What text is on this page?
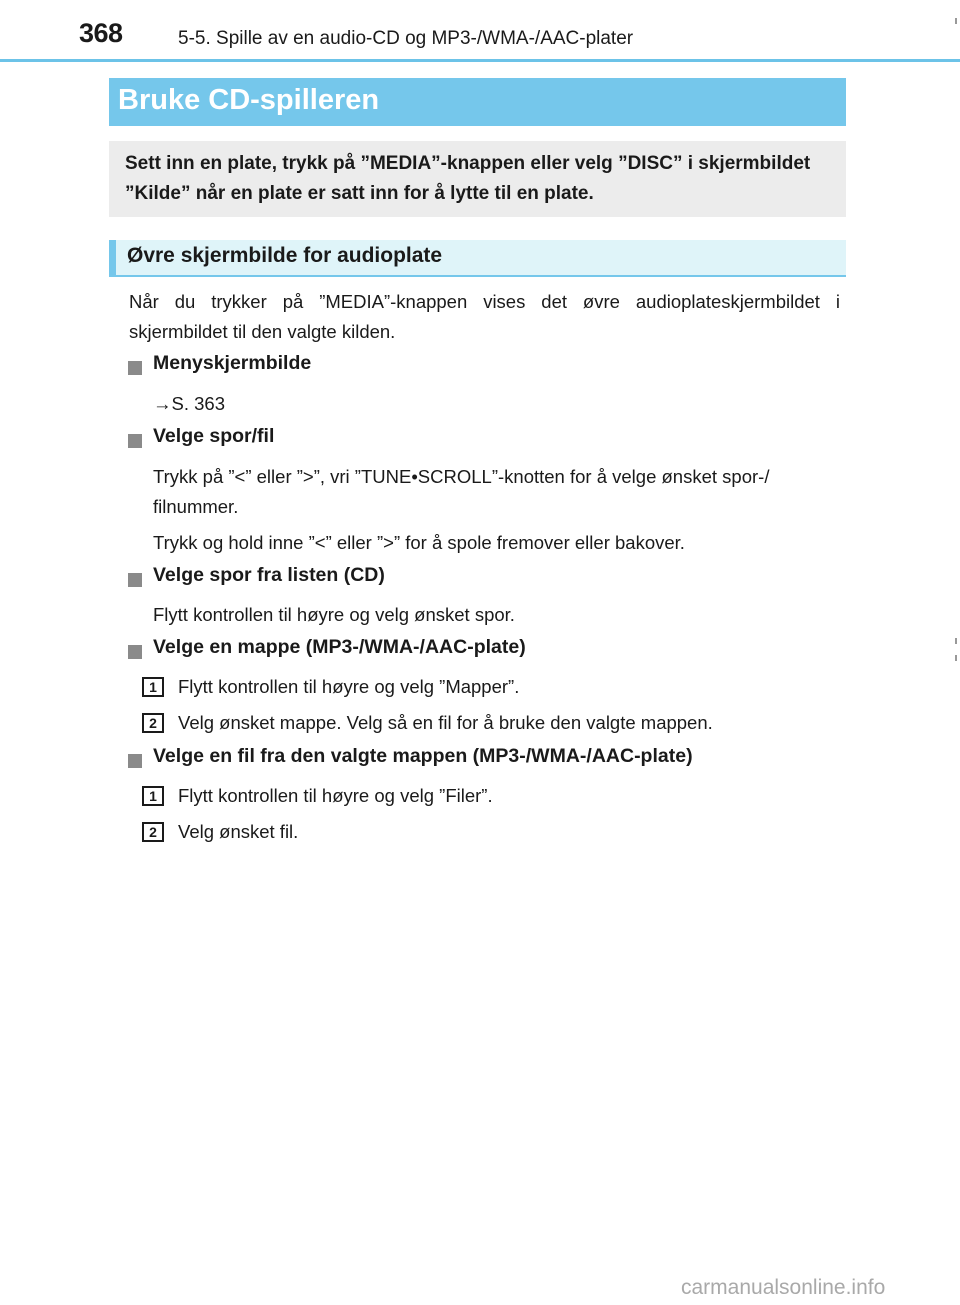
368	5-5. Spille av en audio-CD og MP3-/WMA-/AAC-plater
Bruke CD-spilleren
Sett inn en plate, trykk på ”MEDIA”-knappen eller velg ”DISC” i skjermbildet ”Kilde” når en plate er satt inn for å lytte til en plate.
Øvre skjermbilde for audioplate
Når du trykker på ”MEDIA”-knappen vises det øvre audioplateskjermbildet i skjermbildet til den valgte kilden.
Menyskjermbilde
→S. 363
Velge spor/fil
Trykk på ”<” eller ”>”, vri ”TUNE•SCROLL”-knotten for å velge ønsket spor-/
filnummer.
Trykk og hold inne ”<” eller ”>” for å spole fremover eller bakover.
Velge spor fra listen (CD)
Flytt kontrollen til høyre og velg ønsket spor.
Velge en mappe (MP3-/WMA-/AAC-plate)
1	Flytt kontrollen til høyre og velg ”Mapper”.
2	Velg ønsket mappe. Velg så en fil for å bruke den valgte mappen.
Velge en fil fra den valgte mappen (MP3-/WMA-/AAC-plate)
1	Flytt kontrollen til høyre og velg ”Filer”.
2	Velg ønsket fil.
carmanualsonline.info
